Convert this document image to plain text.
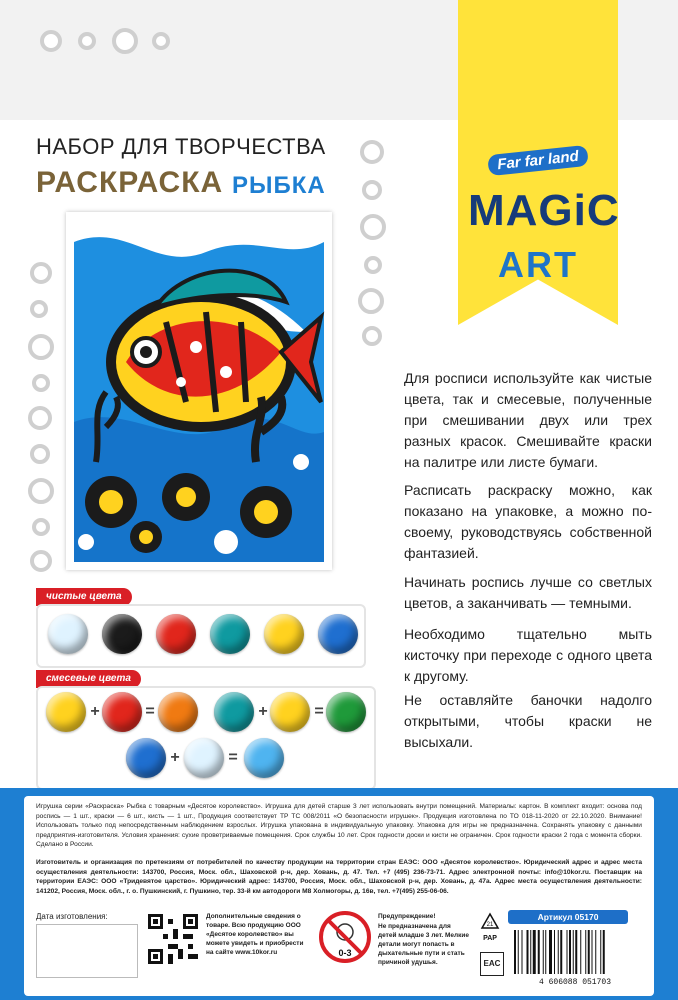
Far far land
MAGiC
ART
НАБОР ДЛЯ ТВОРЧЕСТВА
РАСКРАСКА РЫБКА
Для росписи используйте как чистые цвета, так и смесевые, полученные при смешивании двух или трех разных красок. Смешивайте краски на палитре или листе бумаги.
Расписать раскраску можно, как показано на упаковке, а можно по-своему, руководствуясь собственной фантазией.
Начинать роспись лучше со светлых цветов, а заканчивать — темными.
Необходимо тщательно мыть кисточку при переходе с одного цвета к другому.
Не оставляйте баночки надолго открытыми, чтобы краски не высыхали.
чистые цвета
смесевые цвета
+	=	+	=
+	=
Игрушка серии «Раскраска» Рыбка с товарным «Десятое королевство». Игрушка для детей старше 3 лет использовать внутри помещений. Материалы: картон. В комплект входит: основа под роспись — 1 шт., краски — 6 шт., кисть — 1 шт., Продукция соответствует ТР ТС 008/2011 «О безопасности игрушек». Продукция изготовлена по ТО 018-11-2020 от 22.10.2020. Внимание! Использовать только под непосредственным наблюдением взрослых. Игрушка упакована в индивидуальную упаковку. Упаковка для игры не предназначена. Сохранять упаковку с данными предприятия-изготовителя. Условия хранения: сухие проветриваемые помещения. Срок службы 10 лет. Срок годности доски и кисти не ограничен. Срок годности краски 2 года с момента сборки. Сделано в России.
Изготовитель и организация по претензиям от потребителей по качеству продукции на территории стран ЕАЭС: ООО «Десятое королевство». Юридический адрес и адрес места осуществления деятельности: 143700, Россия, Моск. обл., Шаховской р-н, дер. Ховань, д. 47. Тел. +7 (495) 236-73-71. Адрес электронной почты: info@10kor.ru. Поставщик на территории ЕАЭС: ООО «Тридевятое царство». Юридический адрес: 143700, Россия, Моск. обл., Шаховской р-н, дер. Ховань, д. 47а. Адрес места осуществления деятельности: 141202, Россия, Моск. обл., г. о. Пушкинский, г. Пушкино, тер. 33-й км автодороги М8 Холмогоры, д. 16в, тел. +7(495) 255-06-06.
Дата изготовления:	Дополнительные сведения о товаре. Всю продукцию ООО «Десятое королевство» вы можете увидеть и приобрести на сайте www.10kor.ru	0-3
Предупреждение!
Не предназначена для детей младше 3 лет. Мелкие детали могут попасть в дыхательные пути и стать причиной удушья.
21
PAP
EAC
Артикул 05170
4 606088 051703
